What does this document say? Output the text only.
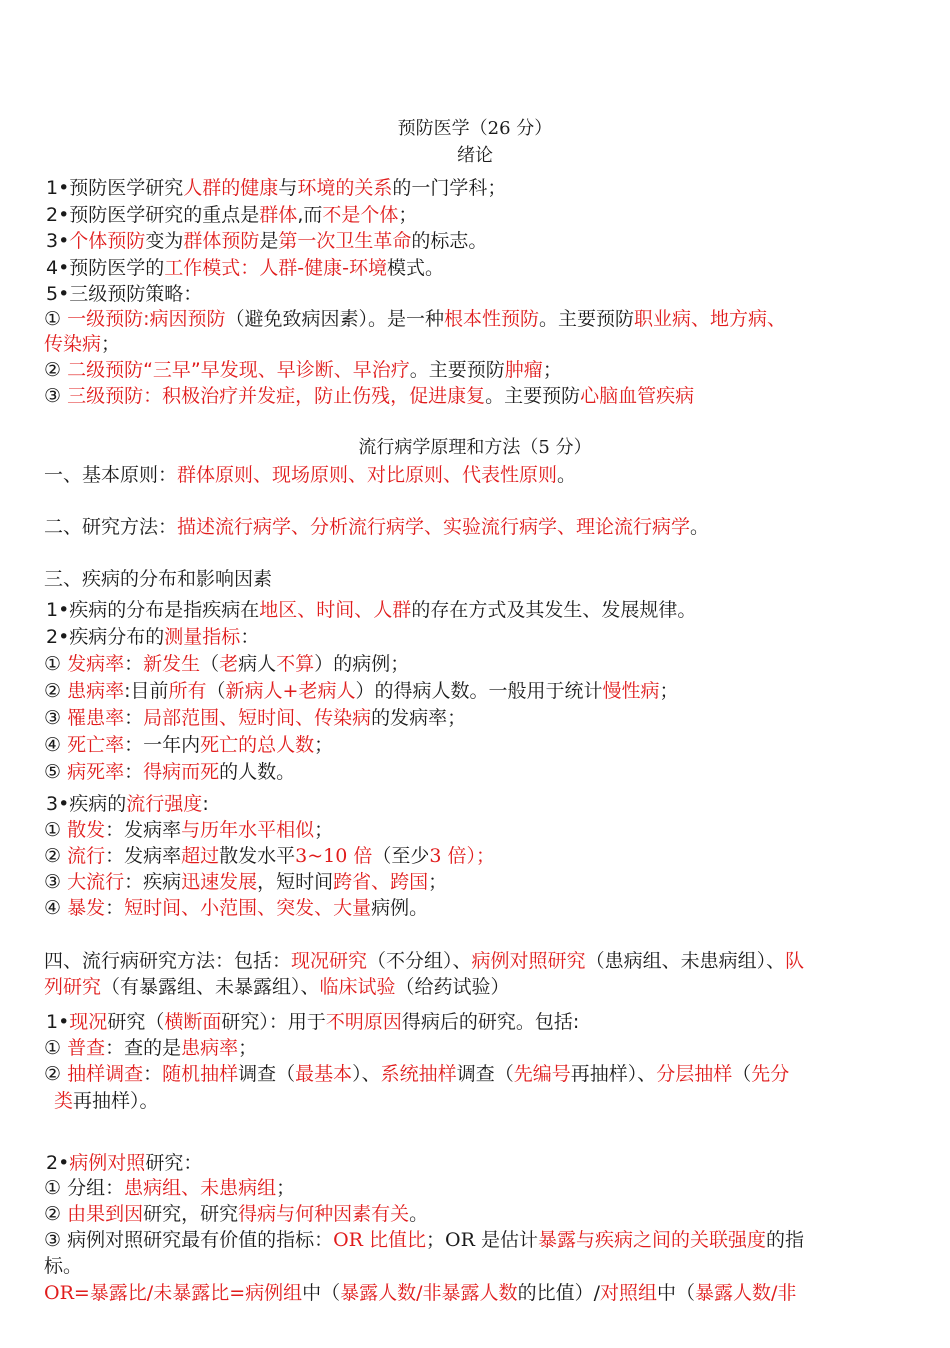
预防医学（26 分）
绪论
1•预防医学研究人群的健康与环境的关系的一门学科；
2•预防医学研究的重点是群体,而不是个体；
3•个体预防变为群体预防是第一次卫生革命的标志。
4•预防医学的工作模式：人群-健康-环境模式。
5•三级预防策略：
① 一级预防:病因预防（避免致病因素）。是一种根本性预防。主要预防职业病、地方病、
传染病；
② 二级预防“三早”早发现、早诊断、早治疗。主要预防肿瘤；
③ 三级预防：积极治疗并发症，防止伤残，促进康复。主要预防心脑血管疾病
流行病学原理和方法（5 分）
一、基本原则：群体原则、现场原则、对比原则、代表性原则。
二、研究方法：描述流行病学、分析流行病学、实验流行病学、理论流行病学。
三、疾病的分布和影响因素
1•疾病的分布是指疾病在地区、时间、人群的存在方式及其发生、发展规律。
2•疾病分布的测量指标：
① 发病率：新发生（老病人不算）的病例；
② 患病率:目前所有（新病人+老病人）的得病人数。一般用于统计慢性病；
③ 罹患率：局部范围、短时间、传染病的发病率；
④ 死亡率：一年内死亡的总人数；
⑤ 病死率：得病而死的人数。
3•疾病的流行强度:
① 散发：发病率与历年水平相似；
② 流行：发病率超过散发水平3~10 倍（至少3 倍）；
③ 大流行：疾病迅速发展，短时间跨省、跨国；
④ 暴发：短时间、小范围、突发、大量病例。
四、流行病研究方法：包括：现况研究（不分组）、病例对照研究（患病组、未患病组）、队
列研究（有暴露组、未暴露组）、临床试验（给药试验）
1•现况研究（横断面研究）：用于不明原因得病后的研究。包括:
① 普查：查的是患病率；
② 抽样调查：随机抽样调查（最基本）、系统抽样调查（先编号再抽样）、分层抽样（先分
类再抽样）。
2•病例对照研究：
① 分组：患病组、未患病组；
② 由果到因研究，研究得病与何种因素有关。
③ 病例对照研究最有价值的指标：OR 比值比；OR 是估计暴露与疾病之间的关联强度的指
标。
OR=暴露比/未暴露比=病例组中（暴露人数/非暴露人数的比值）/对照组中（暴露人数/非
